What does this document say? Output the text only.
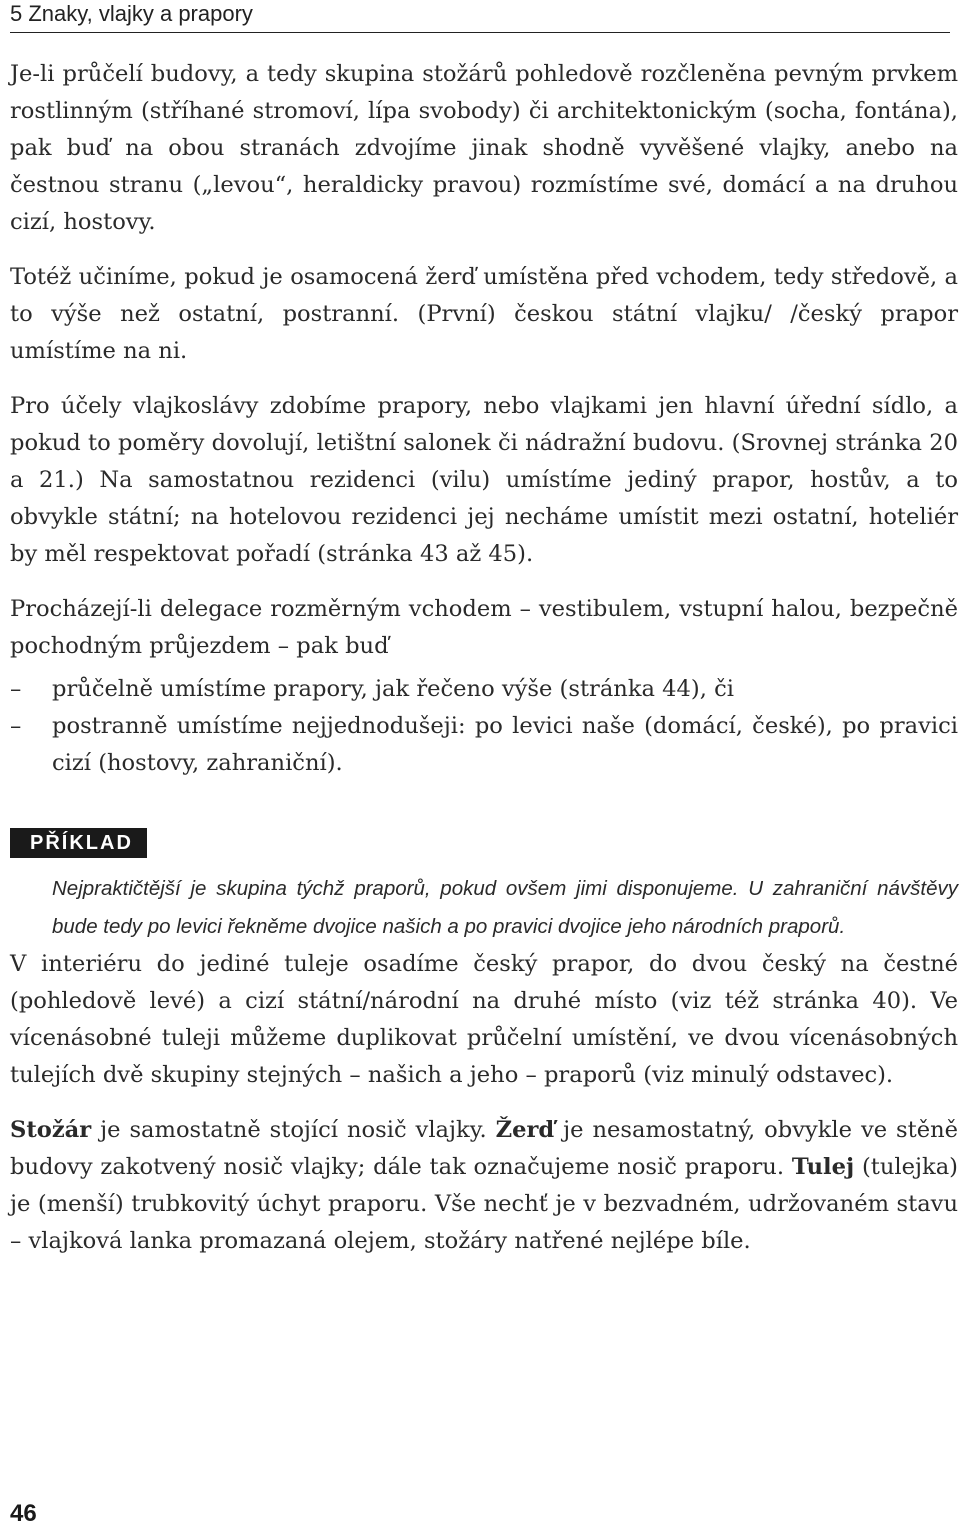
5 Znaky, vlajky a prapory

Je-li průčelí budovy, a tedy skupina stožárů pohledově rozčleněna pevným prvkem rostlinným (stříhané stromoví, lípa svobody) či architektonickým (socha, fontána), pak buď na obou stranách zdvojíme jinak shodně vyvěšené vlajky, anebo na čestnou stranu („levou“, heraldicky pravou) rozmístíme své, domácí a na druhou cizí, hostovy.

Totéž učiníme, pokud je osamocená žerď umístěna před vchodem, tedy středově, a to výše než ostatní, postranní. (První) českou státní vlajku/ /český prapor umístíme na ni.

Pro účely vlajkoslávy zdobíme prapory, nebo vlajkami jen hlavní úřední sídlo, a pokud to poměry dovolují, letištní salonek či nádražní budovu. (Srovnej stránka 20 a 21.) Na samostatnou rezidenci (vilu) umístíme jediný prapor, hostův, a to obvykle státní; na hotelovou rezidenci jej necháme umístit mezi ostatní, hoteliér by měl respektovat pořadí (stránka 43 až 45).

Procházejí-li delegace rozměrným vchodem – vestibulem, vstupní halou, bezpečně pochodným průjezdem – pak buď

–	průčelně umístíme prapory, jak řečeno výše (stránka 44), či
–	postranně umístíme nejjednodušeji: po levici naše (domácí, české), po pravici cizí (hostovy, zahraniční).
PŘÍKLAD
Nejpraktičtější je skupina týchž praporů, pokud ovšem jimi disponujeme. U zahraniční návštěvy bude tedy po levici řekněme dvojice našich a po pravici dvojice jeho národních praporů.

V interiéru do jediné tuleje osadíme český prapor, do dvou český na čestné (pohledově levé) a cizí státní/národní na druhé místo (viz též stránka 40). Ve vícenásobné tuleji můžeme duplikovat průčelní umístění, ve dvou vícenásobných tulejích dvě skupiny stejných – našich a jeho – praporů (viz minulý odstavec).

Stožár je samostatně stojící nosič vlajky. Žerď je nesamostatný, obvykle ve stěně budovy zakotvený nosič vlajky; dále tak označujeme nosič praporu. Tulej (tulejka) je (menší) trubkovitý úchyt praporu. Vše nechť je v bezvadném, udržovaném stavu – vlajková lanka promazaná olejem, stožáry natřené nejlépe bíle.

46
